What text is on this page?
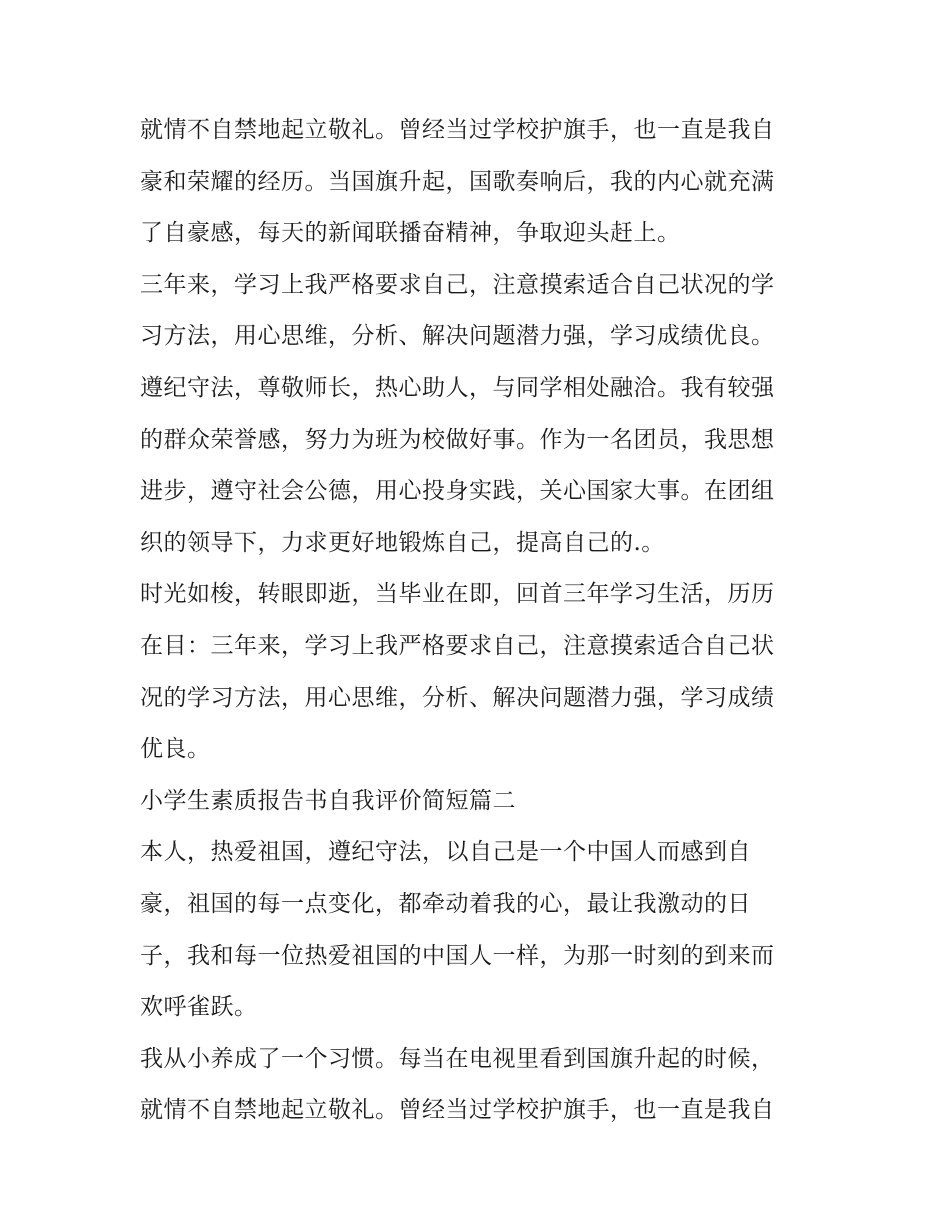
就情不自禁地起立敬礼。曾经当过学校护旗手，也一直是我自
豪和荣耀的经历。当国旗升起，国歌奏响后，我的内心就充满
了自豪感，每天的新闻联播奋精神，争取迎头赶上。
三年来，学习上我严格要求自己，注意摸索适合自己状况的学
习方法，用心思维，分析、解决问题潜力强，学习成绩优良。
遵纪守法，尊敬师长，热心助人，与同学相处融洽。我有较强
的群众荣誉感，努力为班为校做好事。作为一名团员，我思想
进步，遵守社会公德，用心投身实践，关心国家大事。在团组
织的领导下，力求更好地锻炼自己，提高自己的.。
时光如梭，转眼即逝，当毕业在即，回首三年学习生活，历历
在目：三年来，学习上我严格要求自己，注意摸索适合自己状
况的学习方法，用心思维，分析、解决问题潜力强，学习成绩
优良。
小学生素质报告书自我评价简短篇二
本人，热爱祖国，遵纪守法，以自己是一个中国人而感到自
豪，祖国的每一点变化，都牵动着我的心，最让我激动的日
子，我和每一位热爱祖国的中国人一样，为那一时刻的到来而
欢呼雀跃。
我从小养成了一个习惯。每当在电视里看到国旗升起的时候，
就情不自禁地起立敬礼。曾经当过学校护旗手，也一直是我自
